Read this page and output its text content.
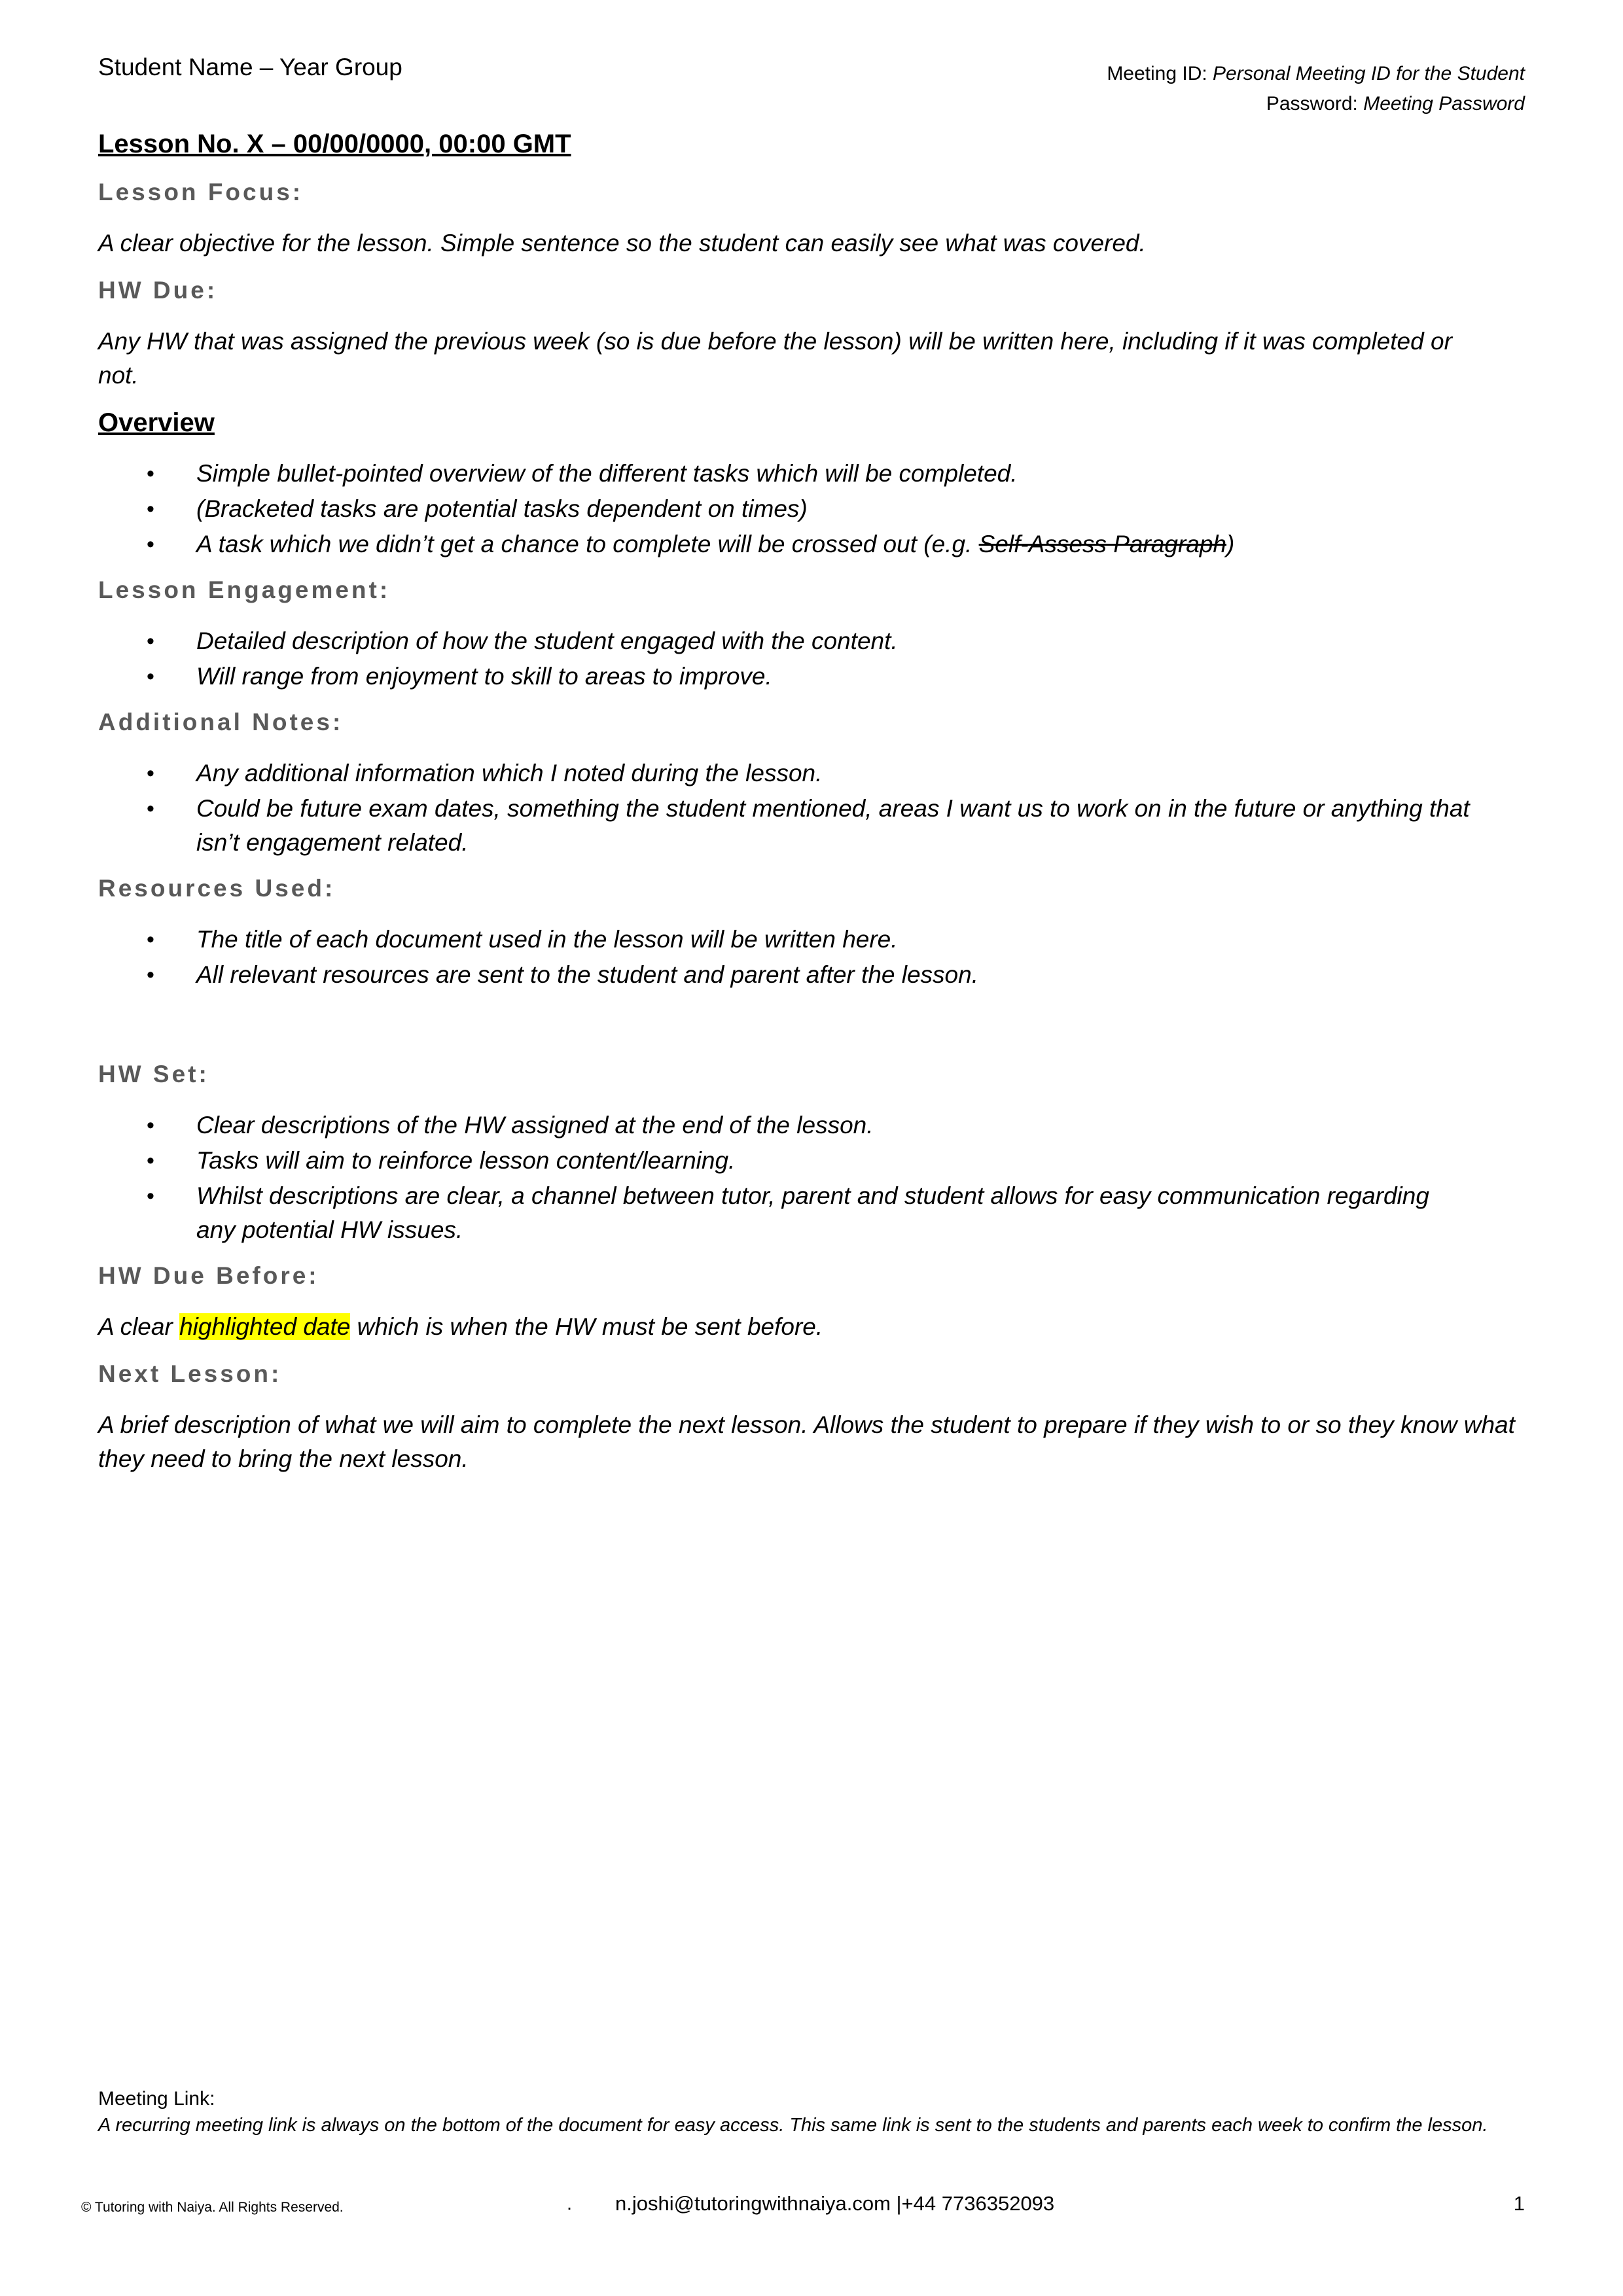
Student Name – Year Group	Meeting ID: Personal Meeting ID for the Student
Password: Meeting Password
Lesson No. X – 00/00/0000, 00:00 GMT
Lesson Focus:
A clear objective for the lesson. Simple sentence so the student can easily see what was covered.
HW Due:
Any HW that was assigned the previous week (so is due before the lesson) will be written here, including if it was completed or not.
Overview
• Simple bullet-pointed overview of the different tasks which will be completed.
• (Bracketed tasks are potential tasks dependent on times)
• A task which we didn’t get a chance to complete will be crossed out (e.g. Self-Assess Paragraph)
Lesson Engagement:
• Detailed description of how the student engaged with the content.
• Will range from enjoyment to skill to areas to improve.
Additional Notes:
• Any additional information which I noted during the lesson.
• Could be future exam dates, something the student mentioned, areas I want us to work on in the future or anything that isn’t engagement related.
Resources Used:
• The title of each document used in the lesson will be written here.
• All relevant resources are sent to the student and parent after the lesson.
HW Set:
• Clear descriptions of the HW assigned at the end of the lesson.
• Tasks will aim to reinforce lesson content/learning.
• Whilst descriptions are clear, a channel between tutor, parent and student allows for easy communication regarding any potential HW issues.
HW Due Before:
A clear highlighted date which is when the HW must be sent before.
Next Lesson:
A brief description of what we will aim to complete the next lesson. Allows the student to prepare if they wish to or so they know what they need to bring the next lesson.
Meeting Link:
A recurring meeting link is always on the bottom of the document for easy access. This same link is sent to the students and parents each week to confirm the lesson.
© Tutoring with Naiya. All Rights Reserved.	. n.joshi@tutoringwithnaiya.com |+44 7736352093	1
